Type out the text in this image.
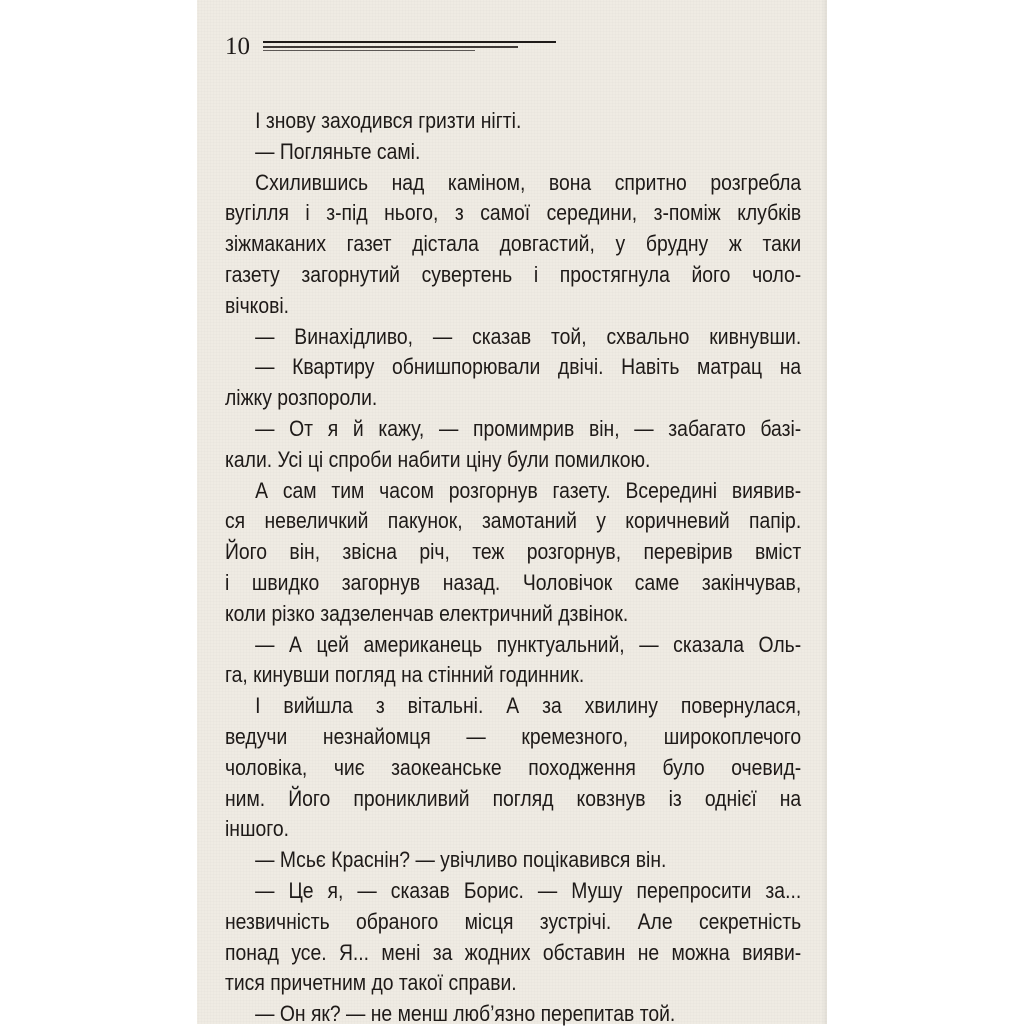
10
І знову заходився гризти нігті.
— Погляньте самі.
Схилившись над каміном, вона спритно розгребла
вугілля і з-під нього, з самої середини, з-поміж клубків
зіжмаканих газет дістала довгастий, у брудну ж таки
газету загорнутий сувертень і простягнула його чоло-
вічкові.
— Винахідливо, — сказав той, схвально кивнувши.
— Квартиру обнишпорювали двічі. Навіть матрац на
ліжку розпороли.
— От я й кажу, — промимрив він, — забагато базі-
кали. Усі ці спроби набити ціну були помилкою.
А сам тим часом розгорнув газету. Всередині виявив-
ся невеличкий пакунок, замотаний у коричневий папір.
Його він, звісна річ, теж розгорнув, перевірив вміст
і швидко загорнув назад. Чоловічок саме закінчував,
коли різко задзеленчав електричний дзвінок.
— А цей американець пунктуальний, — сказала Оль-
га, кинувши погляд на стінний годинник.
І вийшла з вітальні. А за хвилину повернулася,
ведучи незнайомця — кремезного, широкоплечого
чоловіка, чиє заокеанське походження було очевид-
ним. Його проникливий погляд ковзнув із однієї на
іншого.
— Мсьє Краснін? — увічливо поцікавився він.
— Це я, — сказав Борис. — Мушу перепросити за...
незвичність обраного місця зустрічі. Але секретність
понад усе. Я... мені за жодних обставин не можна вияви-
тися причетним до такої справи.
— Он як? — не менш люб’язно перепитав той.
